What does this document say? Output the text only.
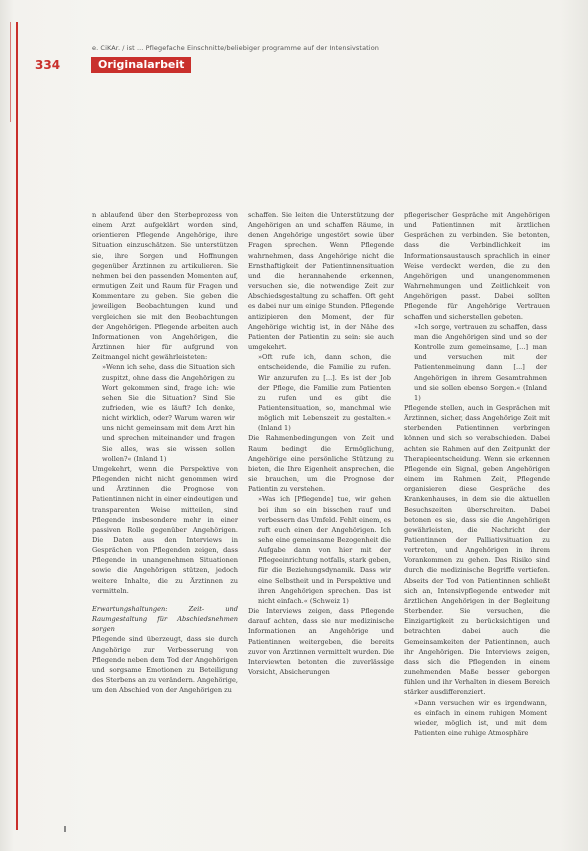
e. CiKAr. / ist ... Pflegefache Einschnitte/beliebiger programme auf der Intensivstation
334	Originalarbeit

n ablaufend über den Sterbeprozess von einem Arzt aufgeklärt worden sind, orientieren Pflegende Angehörige, ihre Situation einzuschätzen. Sie unterstützen sie, ihre Sorgen und Hoffnungen gegenüber Ärztinnen zu artikulieren. Sie nehmen bei den passenden Momenten auf, ermutigen Zeit und Raum für Fragen und Kommentare zu geben. Sie geben die jeweiligen Beobachtungen kund und vergleichen sie mit den Beobachtungen der Angehörigen. Pflegende arbeiten auch Informationen von Angehörigen, die Ärztinnen hier für aufgrund von Zeitmangel nicht gewährleisteten:

»Wenn ich sehe, dass die Situation sich zuspitzt, ohne dass die Angehörigen zu Wort gekommen sind, frage ich: wie sehen Sie die Situation? Sind Sie zufrieden, wie es läuft? Ich denke, nicht wirklich, oder? Warum waren wir uns nicht gemeinsam mit dem Arzt hin und sprechen miteinander und fragen Sie alles, was sie wissen sollen wollen?« (Inland 1)

Umgekehrt, wenn die Perspektive von Pflegenden nicht nicht genommen wird und Ärztinnen die Prognose von Patientinnen nicht in einer eindeutigen und transparenten Weise mitteilen, sind Pflegende insbesondere mehr in einer passiven Rolle gegenüber Angehörigen. Die Daten aus den Interviews in Gesprächen von Pflegenden zeigen, dass Pflegende in unangenehmen Situationen sowie die Angehörigen stützen, jedoch weitere Inhalte, die zu Ärztinnen zu vermitteln.

Erwartungshaltungen: Zeit- und Raumgestaltung für Abschiedsnehmen sorgen

Pflegende sind überzeugt, dass sie durch Angehörige zur Verbesserung von Pflegende neben dem Tod der Angehörigen und sorgsame Emotionen zu Beteiligung des Sterbens an zu verändern. Angehörige, um den Abschied von der Angehörigen zu

schaffen. Sie leiten die Unterstützung der Angehörigen an und schaffen Räume, in denen Angehörige ungestört sowie über Fragen sprechen. Wenn Pflegende wahrnehmen, dass Angehörige nicht die Ernsthaftigkeit der Patientinnensituation und die herannahende erkennen, versuchen sie, die notwendige Zeit zur Abschiedsgestaltung zu schaffen. Oft geht es dabei nur um einige Stunden. Pflegende antizipieren den Moment, der für Angehörige wichtig ist, in der Nähe des Patienten der Patientin zu sein: sie auch umgekehrt.

»Oft rufe ich, dann schon, die entscheidende, die Familie zu rufen. Wir anzurufen zu [...]. Es ist der Job der Pflege, die Familie zum Patienten zu rufen und es gibt die Patientensituation, so, manchmal wie möglich mit Lebenszeit zu gestalten.« (Inland 1)

Die Rahmenbedingungen von Zeit und Raum bedingt die Ermöglichung, Angehörige eine persönliche Stützung zu bieten, die Ihre Eigenheit ansprechen, die sie brauchen, um die Prognose der Patientin zu verstehen.

»Was ich [Pflegende] tue, wir gehen bei ihm so ein bisschen rauf und verbessern das Umfeld. Fehlt einem, es ruft euch einen der Angehörigen. Ich sehe eine gemeinsame Bezogenheit die Aufgabe dann von hier mit der Pflegeeinrichtung notfalls, stark geben, für die Beziehungsdynamik. Dass wir eine Selbstheit und in Perspektive und ihren Angehörigen sprechen. Das ist nicht einfach.« (Schweiz 1)

Die Interviews zeigen, dass Pflegende darauf achten, dass sie nur medizinische Informationen an Angehörige und Patientinnen weitergeben, die bereits zuvor von Ärztinnen vermittelt wurden. Die Interviewten betonten die zuverlässige Vorsicht, Absicherungen

pflegerischer Gespräche mit Angehörigen und Patientinnen mit ärztlichen Gesprächen zu verbinden. Sie betonten, dass die Verbindlichkeit im Informationsaustausch sprachlich in einer Weise verdeckt werden, die zu den Angehörigen und unangenommenen Wahrnehmungen und Zeitlichkeit von Angehörigen passt. Dabei sollten Pflegende für Angehörige Vertrauen schaffen und sicherstellen gebeten.

»Ich sorge, vertrauen zu schaffen, dass man die Angehörigen sind und so der Kontrolle zum gemeinsame, [...] man und versuchen mit der Patientenmeinung dann [...] der Angehörigen in ihrem Gesamtrahmen und sie sollen ebenso Sorgen.« (Inland 1)

Pflegende stellen, auch in Gesprächen mit Ärztinnen, sicher, dass Angehörige Zeit mit sterbenden Patientinnen verbringen können und sich so verabschieden. Dabei achten sie Rahmen auf den Zeitpunkt der Therapieentscheidung. Wenn sie erkennen Pflegende ein Signal, geben Angehörigen einem im Rahmen Zeit, Pflegende organisieren diese Gespräche des Krankenhauses, in dem sie die aktuellen Besuchszeiten überschreiten. Dabei betonen es sie, dass sie die Angehörigen gewährleisten, die Nachricht der Patientinnen der Palliativsituation zu vertreten, und Angehörigen in ihrem Vorankommen zu gehen. Das Risiko sind durch die medizinische Begriffe vertiefen. Abseits der Tod von Patientinnen schließt sich an, Intensivpflegende entweder mit ärztlichen Angehörigen in der Begleitung Sterbender. Sie versuchen, die Einzigartigkeit zu berücksichtigen und betrachten dabei auch die Gemeinsamkeiten der Patientinnen, auch ihr Angehörigen. Die Interviews zeigen, dass sich die Pflegenden in einem zunehmenden Maße besser geborgen fühlen und ihr Verhalten in diesem Bereich stärker ausdifferenziert.

»Dann versuchen wir es irgendwann, es einfach in einem ruhigen Moment wieder, möglich ist, und mit dem Patienten eine ruhige Atmosphäre
